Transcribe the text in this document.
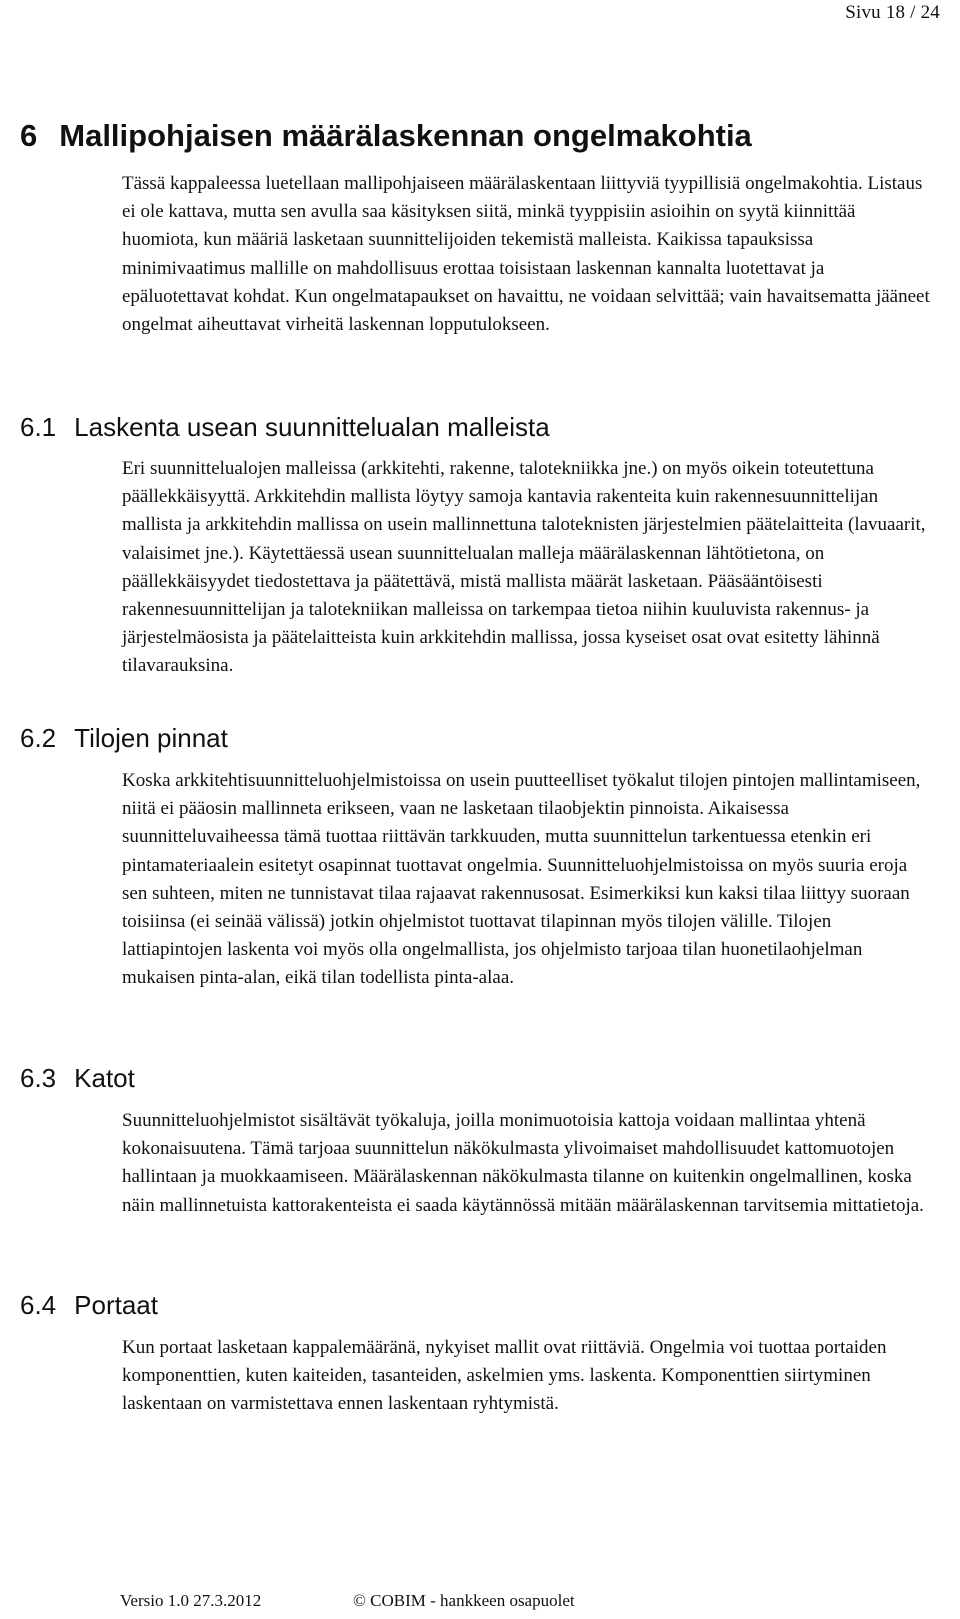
Sivu 18 / 24
6 Mallipohjaisen määrälaskennan ongelmakohtia

Tässä kappaleessa luetellaan mallipohjaiseen määrälaskentaan liittyviä tyypillisiä ongelmakohtia. Listaus ei ole kattava, mutta sen avulla saa käsityksen siitä, minkä tyyppisiin asioihin on syytä kiinnittää huomiota, kun määriä lasketaan suunnittelijoiden tekemistä malleista. Kaikissa tapauksissa minimivaatimus mallille on mahdollisuus erottaa toisistaan laskennan kannalta luotettavat ja epäluotettavat kohdat. Kun ongelmatapaukset on havaittu, ne voidaan selvittää; vain havaitsematta jääneet ongelmat aiheuttavat virheitä laskennan lopputulokseen.

6.1 Laskenta usean suunnittelualan malleista

Eri suunnittelualojen malleissa (arkkitehti, rakenne, talotekniikka jne.) on myös oikein toteutettuna päällekkäisyyttä. Arkkitehdin mallista löytyy samoja kantavia rakenteita kuin rakennesuunnittelijan mallista ja arkkitehdin mallissa on usein mallinnettuna taloteknisten järjestelmien päätelaitteita (lavuaarit, valaisimet jne.). Käytettäessä usean suunnittelualan malleja määrälaskennan lähtötietona, on päällekkäisyydet tiedostettava ja päätettävä, mistä mallista määrät lasketaan. Pääsääntöisesti rakennesuunnittelijan ja talotekniikan malleissa on tarkempaa tietoa niihin kuuluvista rakennus- ja järjestelmäosista ja päätelaitteista kuin arkkitehdin mallissa, jossa kyseiset osat ovat esitetty lähinnä tilavarauksina.

6.2 Tilojen pinnat

Koska arkkitehtisuunnitteluohjelmistoissa on usein puutteelliset työkalut tilojen pintojen mallintamiseen, niitä ei pääosin mallinneta erikseen, vaan ne lasketaan tilaobjektin pinnoista. Aikaisessa suunnitteluvaiheessa tämä tuottaa riittävän tarkkuuden, mutta suunnittelun tarkentuessa etenkin eri pintamateriaalein esitetyt osapinnat tuottavat ongelmia. Suunnitteluohjelmistoissa on myös suuria eroja sen suhteen, miten ne tunnistavat tilaa rajaavat rakennusosat. Esimerkiksi kun kaksi tilaa liittyy suoraan toisiinsa (ei seinää välissä) jotkin ohjelmistot tuottavat tilapinnan myös tilojen välille. Tilojen lattiapintojen laskenta voi myös olla ongelmallista, jos ohjelmisto tarjoaa tilan huonetilaohjelman mukaisen pinta-alan, eikä tilan todellista pinta-alaa.

6.3 Katot

Suunnitteluohjelmistot sisältävät työkaluja, joilla monimuotoisia kattoja voidaan mallintaa yhtenä kokonaisuutena. Tämä tarjoaa suunnittelun näkökulmasta ylivoimaiset mahdollisuudet kattomuotojen hallintaan ja muokkaamiseen. Määrälaskennan näkökulmasta tilanne on kuitenkin ongelmallinen, koska näin mallinnetuista kattorakenteista ei saada käytännössä mitään määrälaskennan tarvitsemia mittatietoja.

6.4 Portaat

Kun portaat lasketaan kappalemääränä, nykyiset mallit ovat riittäviä. Ongelmia voi tuottaa portaiden komponenttien, kuten kaiteiden, tasanteiden, askelmien yms. laskenta. Komponenttien siirtyminen laskentaan on varmistettava ennen laskentaan ryhtymistä.

Versio 1.0 27.3.2012	© COBIM - hankkeen osapuolet
